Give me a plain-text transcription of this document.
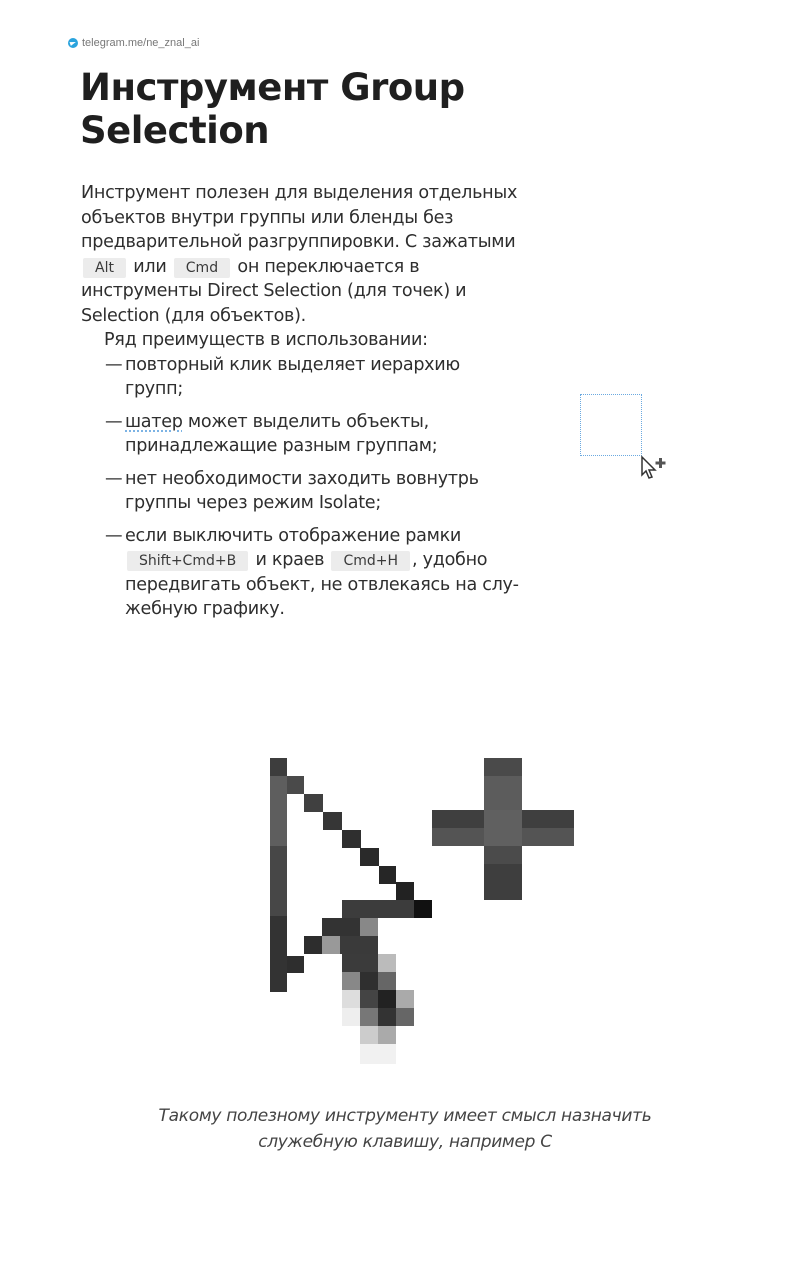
telegram.me/ne_znal_ai
Инструмент Group Selection

Инструмент полезен для выделения отдельных объектов внутри группы или бленды без предварительной разгруппировки. С зажатыми Alt или Cmd он переключается в инструменты Direct Selection (для точек) и Selection (для объектов).

Ряд преимуществ в использовании:

— повторный клик выделяет иерархию групп;
— шатер может выделить объекты, принадлежащие разным группам;
— нет необходимости заходить вовнутрь группы через режим Isolate;
— если выключить отображение рамки Shift+Cmd+B и краев Cmd+H , удобно передвигать объект, не отвлекаясь на служебную графику.
Такому полезному инструменту имеет смысл назначить служебную клавишу, например С
